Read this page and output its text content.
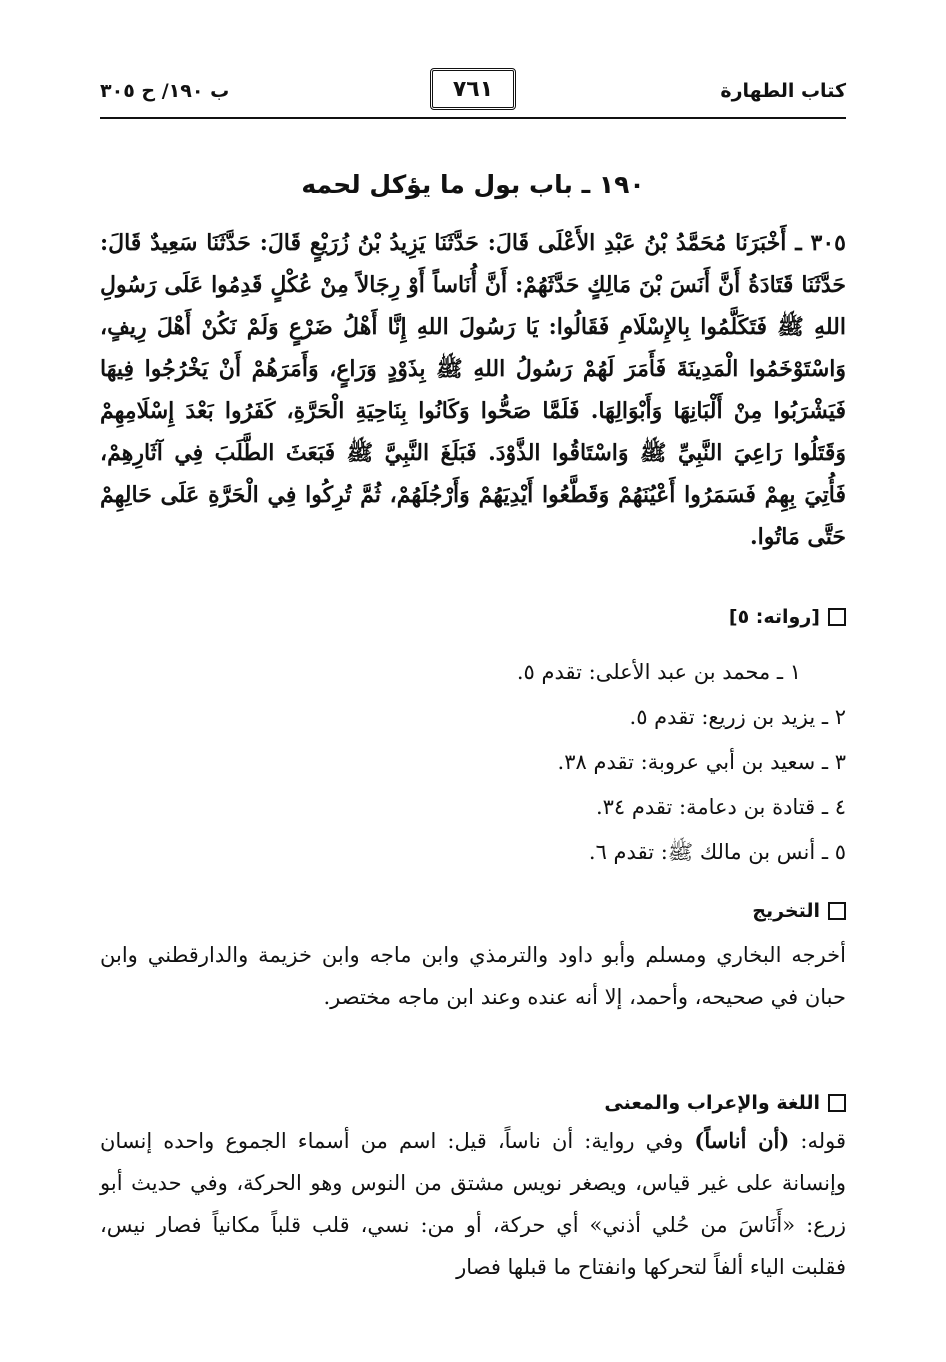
كتاب الطهارة
٧٦١
ب ١٩٠/ ح ٣٠٥
١٩٠ ـ باب بول ما يؤكل لحمه
٣٠٥ ـ أَخْبَرَنَا مُحَمَّدُ بْنُ عَبْدِ الأَعْلَى قَالَ: حَدَّثَنَا يَزِيدُ بْنُ زُرَيْعٍ قَالَ: حَدَّثَنَا سَعِيدٌ قَالَ: حَدَّثَنَا قَتَادَةُ أَنَّ أَنَسَ بْنَ مَالِكٍ حَدَّثَهُمْ: أَنَّ أُنَاساً أَوْ رِجَالاً مِنْ عُكْلٍ قَدِمُوا عَلَى رَسُولِ اللهِ ﷺ فَتَكَلَّمُوا بِالإِسْلَامِ فَقَالُوا: يَا رَسُولَ اللهِ إِنَّا أَهْلُ ضَرْعٍ وَلَمْ نَكُنْ أَهْلَ رِيفٍ، وَاسْتَوْخَمُوا الْمَدِينَةَ فَأَمَرَ لَهُمْ رَسُولُ اللهِ ﷺ بِذَوْدٍ وَرَاعٍ، وَأَمَرَهُمْ أَنْ يَخْرُجُوا فِيهَا فَيَشْرَبُوا مِنْ أَلْبَانِهَا وَأَبْوَالِهَا. فَلَمَّا صَحُّوا وَكَانُوا بِنَاحِيَةِ الْحَرَّةِ، كَفَرُوا بَعْدَ إِسْلَامِهِمْ وَقَتَلُوا رَاعِيَ النَّبِيِّ ﷺ وَاسْتَاقُوا الذَّوْدَ. فَبَلَغَ النَّبِيَّ ﷺ فَبَعَثَ الطَّلَبَ فِي آثَارِهِمْ، فَأُتِيَ بِهِمْ فَسَمَرُوا أَعْيُنَهُمْ وَقَطَّعُوا أَيْدِيَهُمْ وَأَرْجُلَهُمْ، ثُمَّ تُرِكُوا فِي الْحَرَّةِ عَلَى حَالِهِمْ حَتَّى مَاتُوا.
[رواته: ٥]
١ ـ محمد بن عبد الأعلى: تقدم ٥.
٢ ـ يزيد بن زريع: تقدم ٥.
٣ ـ سعيد بن أبي عروبة: تقدم ٣٨.
٤ ـ قتادة بن دعامة: تقدم ٣٤.
٥ ـ أنس بن مالك ﷺ: تقدم ٦.
التخريج
أخرجه البخاري ومسلم وأبو داود والترمذي وابن ماجه وابن خزيمة والدارقطني وابن حبان في صحيحه، وأحمد، إلا أنه عنده وعند ابن ماجه مختصر.
اللغة والإعراب والمعنى
قوله: (أن أناساً) وفي رواية: أن ناساً، قيل: اسم من أسماء الجموع واحده إنسان وإنسانة على غير قياس، ويصغر نويس مشتق من النوس وهو الحركة، وفي حديث أبو زرع: «أَنَاسَ من حُلي أذني» أي حركة، أو من: نسي، قلب قلباً مكانياً فصار نيس، فقلبت الياء ألفاً لتحركها وانفتاح ما قبلها فصار
